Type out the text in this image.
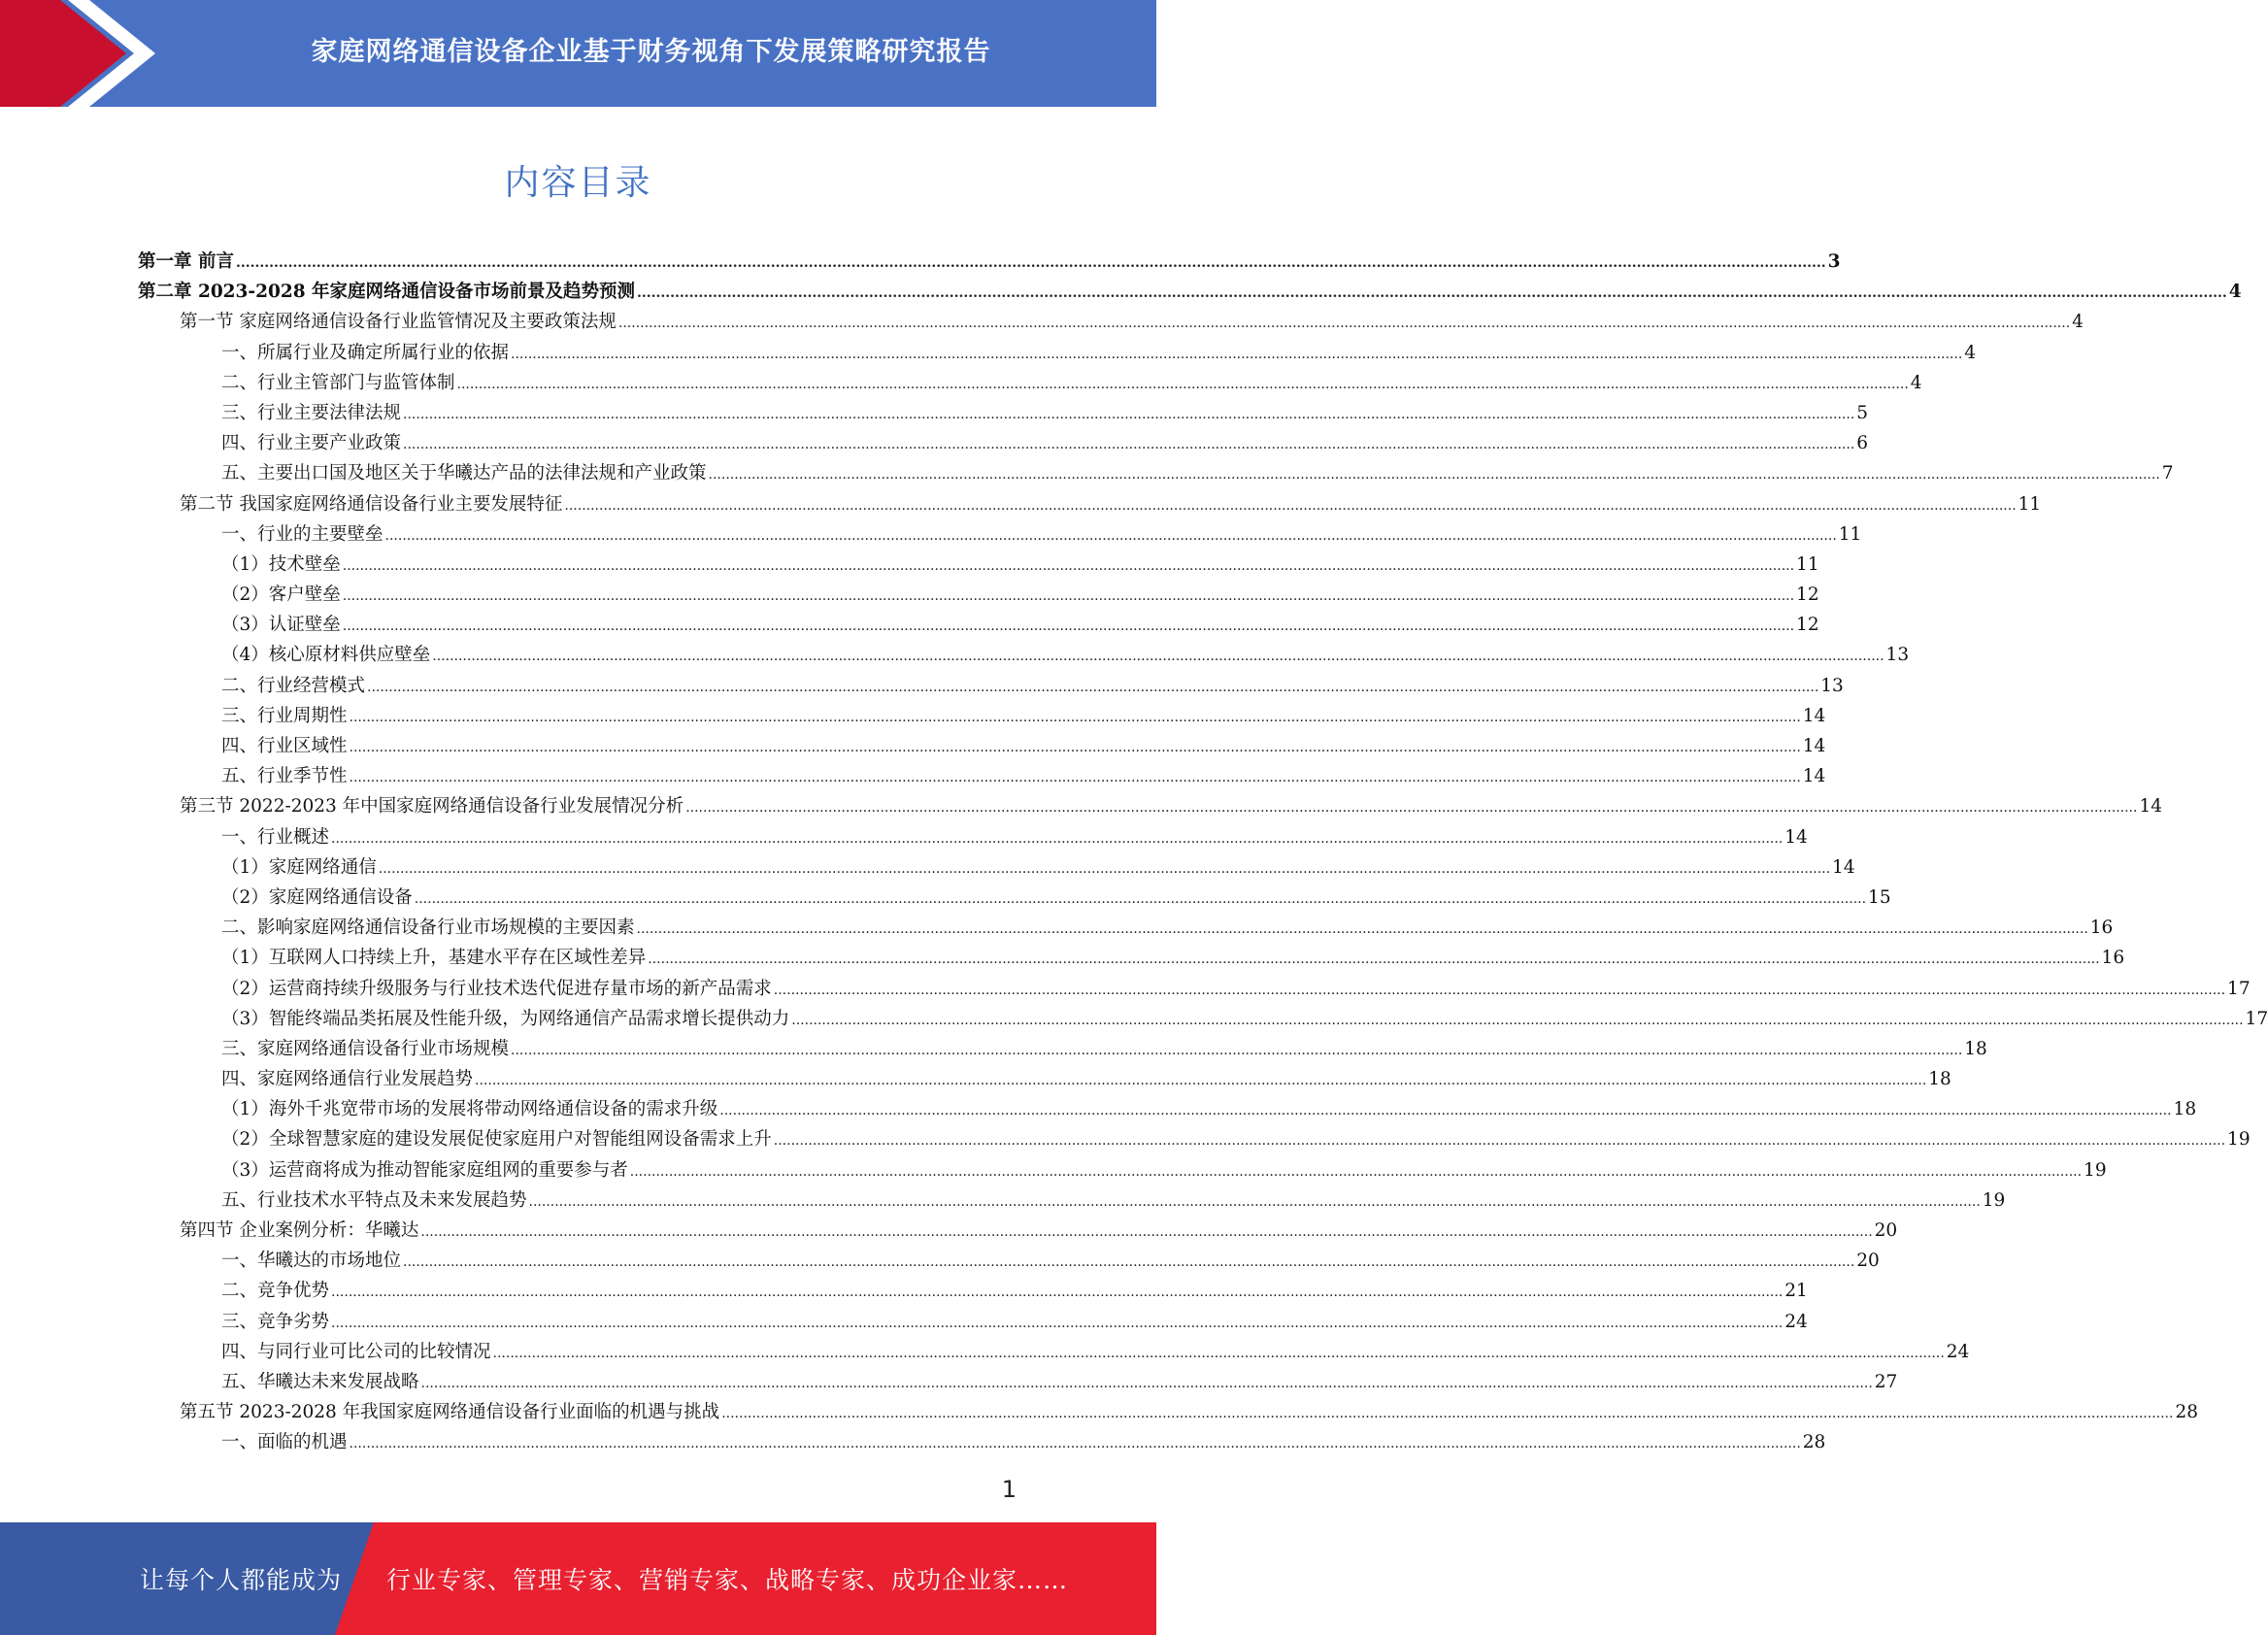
家庭网络通信设备企业基于财务视角下发展策略研究报告
内容目录
第一章 前言 .....	3
第二章 2023-2028 年家庭网络通信设备市场前景及趋势预测 .....	4
第一节 家庭网络通信设备行业监管情况及主要政策法规 .....	4
一、所属行业及确定所属行业的依据 .....	4
二、行业主管部门与监管体制 .....	4
三、行业主要法律法规 .....	5
四、行业主要产业政策 .....	6
五、主要出口国及地区关于华曦达产品的法律法规和产业政策 .....	7
第二节 我国家庭网络通信设备行业主要发展特征 .....	11
一、行业的主要壁垒 .....	11
（1）技术壁垒 .....	11
（2）客户壁垒 .....	12
（3）认证壁垒 .....	12
（4）核心原材料供应壁垒 .....	13
二、行业经营模式 .....	13
三、行业周期性 .....	14
四、行业区域性 .....	14
五、行业季节性 .....	14
第三节 2022-2023 年中国家庭网络通信设备行业发展情况分析 .....	14
一、行业概述 .....	14
（1）家庭网络通信 .....	14
（2）家庭网络通信设备 .....	15
二、影响家庭网络通信设备行业市场规模的主要因素 .....	16
（1）互联网人口持续上升，基建水平存在区域性差异 .....	16
（2）运营商持续升级服务与行业技术迭代促进存量市场的新产品需求 .....	17
（3）智能终端品类拓展及性能升级，为网络通信产品需求增长提供动力 .....	17
三、家庭网络通信设备行业市场规模 .....	18
四、家庭网络通信行业发展趋势 .....	18
（1）海外千兆宽带市场的发展将带动网络通信设备的需求升级 .....	18
（2）全球智慧家庭的建设发展促使家庭用户对智能组网设备需求上升 .....	19
（3）运营商将成为推动智能家庭组网的重要参与者 .....	19
五、行业技术水平特点及未来发展趋势 .....	19
第四节 企业案例分析：华曦达 .....	20
一、华曦达的市场地位 .....	20
二、竞争优势 .....	21
三、竞争劣势 .....	24
四、与同行业可比公司的比较情况 .....	24
五、华曦达未来发展战略 .....	27
第五节 2023-2028 年我国家庭网络通信设备行业面临的机遇与挑战 .....	28
一、面临的机遇 .....	28
1
让每个人都能成为 行业专家、管理专家、营销专家、战略专家、成功企业家……
